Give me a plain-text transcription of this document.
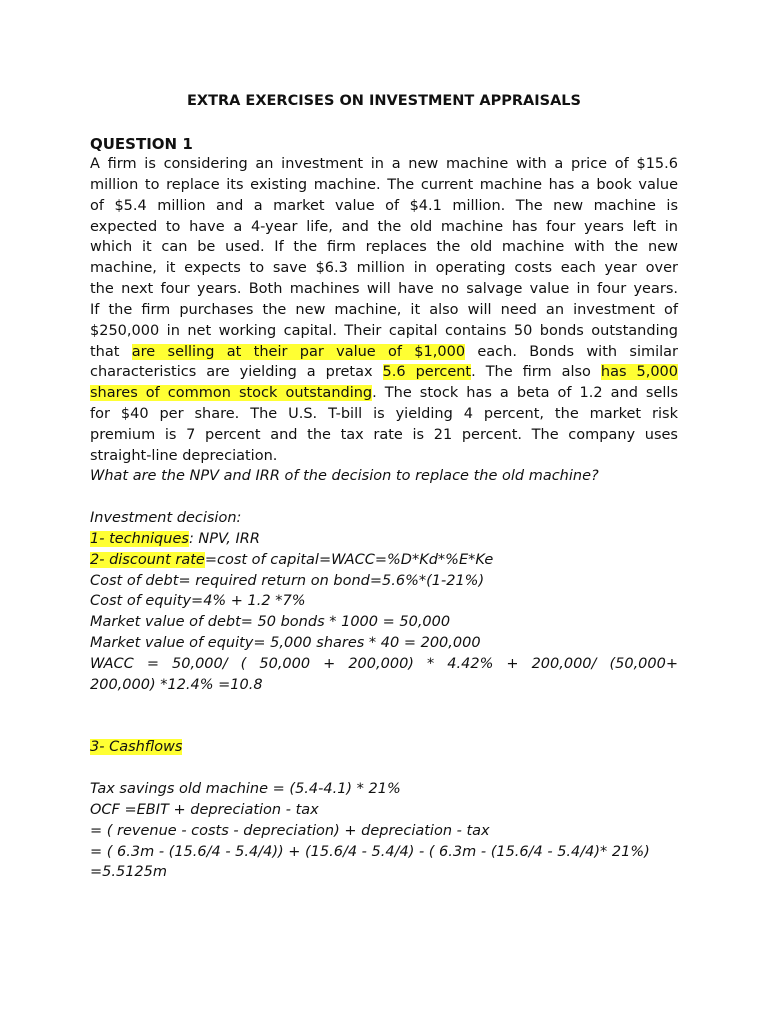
EXTRA EXERCISES ON INVESTMENT APPRAISALS
QUESTION 1
A firm is considering an investment in a new machine with a price of $15.6
million to replace its existing machine. The current machine has a book value
of $5.4 million and a market value of $4.1 million. The new machine is
expected to have a 4-year life, and the old machine has four years left in
which it can be used. If the firm replaces the old machine with the new
machine, it expects to save $6.3 million in operating costs each year over
the next four years. Both machines will have no salvage value in four years.
If the firm purchases the new machine, it also will need an investment of
$250,000 in net working capital. Their capital contains 50 bonds outstanding
that are selling at their par value of $1,000 each. Bonds with similar
characteristics are yielding a pretax 5.6 percent. The firm also has 5,000
shares of common stock outstanding. The stock has a beta of 1.2 and sells
for $40 per share. The U.S. T-bill is yielding 4 percent, the market risk
premium is 7 percent and the tax rate is 21 percent. The company uses
straight-line depreciation.
What are the NPV and IRR of the decision to replace the old machine?
Investment decision:
1- techniques: NPV, IRR
2- discount rate=cost of capital=WACC=%D*Kd*%E*Ke
Cost of debt= required return on bond=5.6%*(1-21%)
Cost of equity=4% + 1.2 *7%
Market value of debt= 50 bonds * 1000 = 50,000
Market value of equity= 5,000 shares * 40 = 200,000
WACC = 50,000/ ( 50,000 + 200,000) * 4.42% + 200,000/ (50,000+
200,000) *12.4% =10.8
3- Cashflows
Tax savings old machine = (5.4-4.1) * 21%
OCF =EBIT + depreciation - tax
= ( revenue - costs - depreciation) + depreciation - tax
= ( 6.3m - (15.6/4 - 5.4/4)) + (15.6/4 - 5.4/4) - ( 6.3m - (15.6/4 - 5.4/4)* 21%)
=5.5125m
